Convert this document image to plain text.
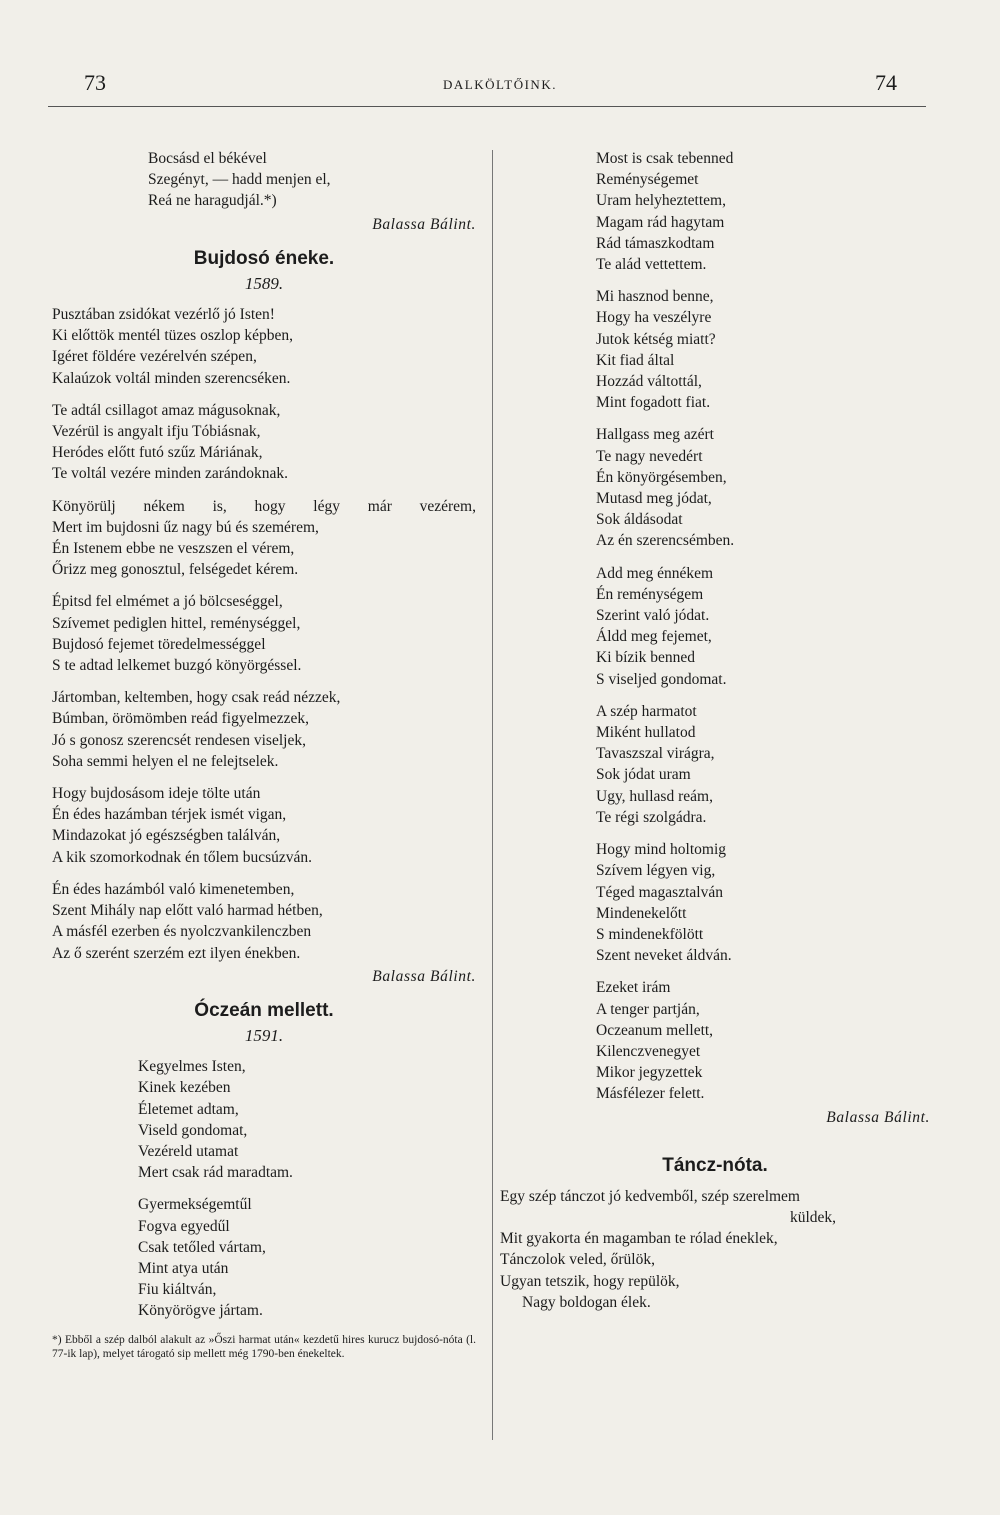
73	DALKÖLTŐINK.	74
Bocsásd el békével
Szegényt, — hadd menjen el,
Reá ne haragudjál.*)
Balassa Bálint.
Bujdosó éneke.
1589.
Pusztában zsidókat vezérlő jó Isten!
Ki előttök mentél tüzes oszlop képben,
Igéret földére vezérelvén szépen,
Kalaúzok voltál minden szerencséken.
Te adtál csillagot amaz mágusoknak,
Vezérül is angyalt ifju Tóbiásnak,
Heródes előtt futó szűz Máriának,
Te voltál vezére minden zarándoknak.
Könyörülj nékem is, hogy légy már vezérem,
Mert im bujdosni űz nagy bú és szemérem,
Én Istenem ebbe ne veszszen el vérem,
Őrizz meg gonosztul, felségedet kérem.
Épitsd fel elmémet a jó bölcseséggel,
Szívemet pediglen hittel, reménységgel,
Bujdosó fejemet töredelmességgel
S te adtad lelkemet buzgó könyörgéssel.
Jártomban, keltemben, hogy csak reád nézzek,
Búmban, örömömben reád figyelmezzek,
Jó s gonosz szerencsét rendesen viseljek,
Soha semmi helyen el ne felejtselek.
Hogy bujdosásom ideje tölte után
Én édes hazámban térjek ismét vigan,
Mindazokat jó egészségben találván,
A kik szomorkodnak én tőlem bucsúzván.
Én édes hazámból való kimenetemben,
Szent Mihály nap előtt való harmad hétben,
A másfél ezerben és nyolczvankilenczben
Az ő szerént szerzém ezt ilyen énekben.
Balassa Bálint.
Óczeán mellett.
1591.
Kegyelmes Isten,
Kinek kezében
Életemet adtam,
Viseld gondomat,
Vezéreld utamat
Mert csak rád maradtam.
Gyermekségemtűl
Fogva egyedűl
Csak tetőled vártam,
Mint atya után
Fiu kiáltván,
Könyörögve jártam.
*) Ebből a szép dalból alakult az »Őszi harmat után« kezdetű hires kurucz bujdosó-nóta (l. 77-ik lap), melyet tárogató sip mellett még 1790-ben énekeltek.
Most is csak tebenned
Reménységemet
Uram helyheztettem,
Magam rád hagytam
Rád támaszkodtam
Te alád vettettem.
Mi hasznod benne,
Hogy ha veszélyre
Jutok kétség miatt?
Kit fiad által
Hozzád váltottál,
Mint fogadott fiat.
Hallgass meg azért
Te nagy nevedért
Én könyörgésemben,
Mutasd meg jódat,
Sok áldásodat
Az én szerencsémben.
Add meg énnékem
Én reménységem
Szerint való jódat.
Áldd meg fejemet,
Ki bízik benned
S viseljed gondomat.
A szép harmatot
Miként hullatod
Tavaszszal virágra,
Sok jódat uram
Ugy, hullasd reám,
Te régi szolgádra.
Hogy mind holtomig
Szívem légyen vig,
Téged magasztalván
Mindenekelőtt
S mindenekfölött
Szent neveket áldván.
Ezeket irám
A tenger partján,
Oczeanum mellett,
Kilenczvenegyet
Mikor jegyzettek
Másfélezer felett.
Balassa Bálint.
Táncz-nóta.
Egy szép tánczot jó kedvemből, szép szerelmem
küldek,
Mit gyakorta én magamban te rólad éneklek,
Tánczolok veled, őrülök,
Ugyan tetszik, hogy repülök,
Nagy boldogan élek.
